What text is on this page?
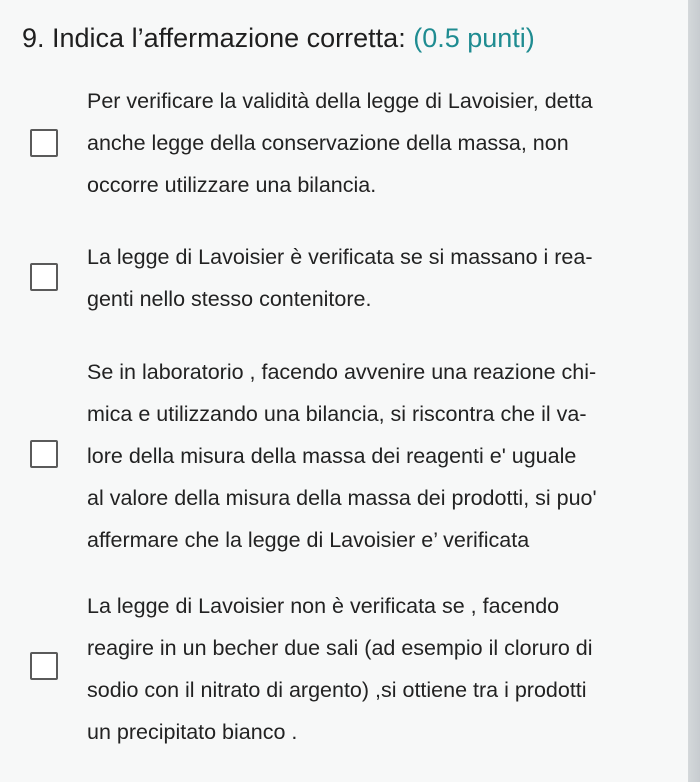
9. Indica l’affermazione corretta: (0.5 punti)
Per verificare la validità della legge di Lavoisier, detta
anche legge della conservazione della massa, non
occorre utilizzare una bilancia.
La legge di Lavoisier è verificata se si massano i rea-
genti nello stesso contenitore.
Se in laboratorio , facendo avvenire una reazione chi-
mica e utilizzando una bilancia, si riscontra che il va-
lore della misura della massa dei reagenti e' uguale
al valore della misura della massa dei prodotti, si puo'
affermare che la legge di Lavoisier e’ verificata
La legge di Lavoisier non è verificata se , facendo
reagire in un becher due sali (ad esempio il cloruro di
sodio con il nitrato di argento) ,si ottiene tra i prodotti
un precipitato bianco .
